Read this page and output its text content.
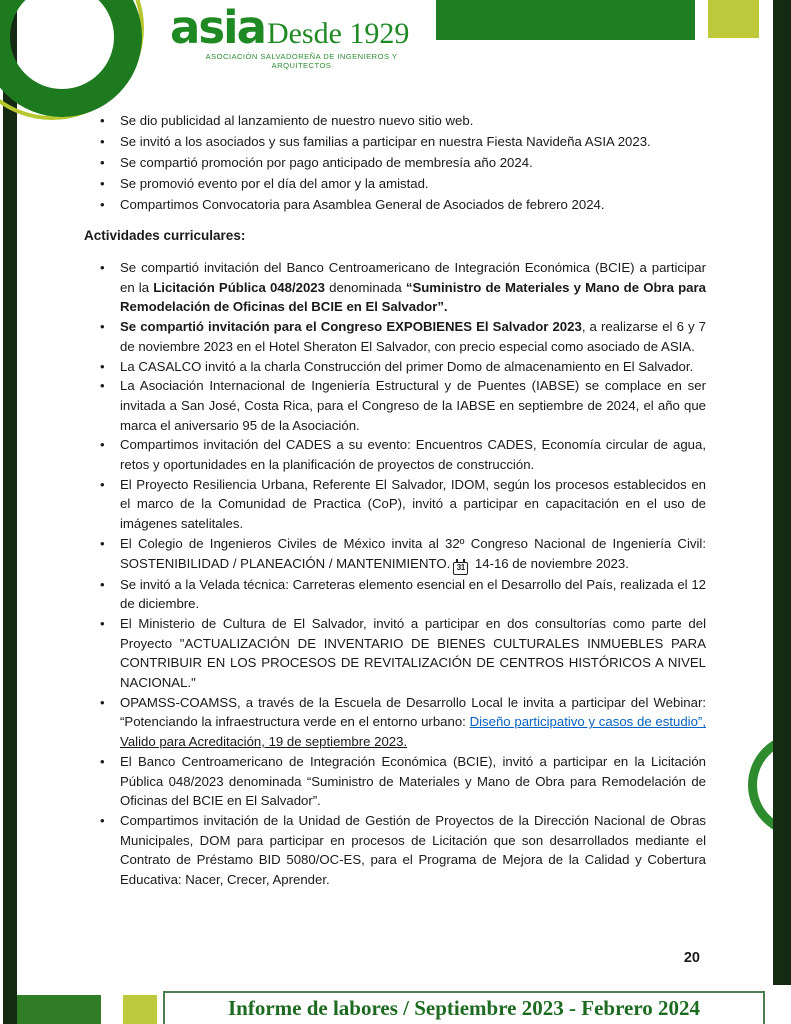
asia Desde 1929
ASOCIACIÓN SALVADOREÑA DE INGENIEROS Y ARQUITECTOS
• Se dio publicidad al lanzamiento de nuestro nuevo sitio web.
• Se invitó a los asociados y sus familias a participar en nuestra Fiesta Navideña ASIA 2023.
• Se compartió promoción por pago anticipado de membresía año 2024.
• Se promovió evento por el día del amor y la amistad.
• Compartimos Convocatoria para Asamblea General de Asociados de febrero 2024.
Actividades curriculares:
• Se compartió invitación del Banco Centroamericano de Integración Económica (BCIE) a participar en la Licitación Pública 048/2023 denominada “Suministro de Materiales y Mano de Obra para Remodelación de Oficinas del BCIE en El Salvador”.
• Se compartió invitación para el Congreso EXPOBIENES El Salvador 2023, a realizarse el 6 y 7 de noviembre 2023 en el Hotel Sheraton El Salvador, con precio especial como asociado de ASIA.
• La CASALCO invitó a la charla Construcción del primer Domo de almacenamiento en El Salvador.
• La Asociación Internacional de Ingeniería Estructural y de Puentes (IABSE) se complace en ser invitada a San José, Costa Rica, para el Congreso de la IABSE en septiembre de 2024, el año que marca el aniversario 95 de la Asociación.
• Compartimos invitación del CADES a su evento: Encuentros CADES, Economía circular de agua, retos y oportunidades en la planificación de proyectos de construcción.
• El Proyecto Resiliencia Urbana, Referente El Salvador, IDOM, según los procesos establecidos en el marco de la Comunidad de Practica (CoP), invitó a participar en capacitación en el uso de imágenes satelitales.
• El Colegio de Ingenieros Civiles de México invita al 32º Congreso Nacional de Ingeniería Civil: SOSTENIBILIDAD / PLANEACIÓN / MANTENIMIENTO. 31 14-16 de noviembre 2023.
• Se invitó a la Velada técnica: Carreteras elemento esencial en el Desarrollo del País, realizada el 12 de diciembre.
• El Ministerio de Cultura de El Salvador, invitó a participar en dos consultorías como parte del Proyecto "ACTUALIZACIÓN DE INVENTARIO DE BIENES CULTURALES INMUEBLES PARA CONTRIBUIR EN LOS PROCESOS DE REVITALIZACIÓN DE CENTROS HISTÓRICOS A NIVEL NACIONAL."
• OPAMSS-COAMSS, a través de la Escuela de Desarrollo Local le invita a participar del Webinar: “Potenciando la infraestructura verde en el entorno urbano: Diseño participativo y casos de estudio”, Valido para Acreditación, 19 de septiembre 2023.
• El Banco Centroamericano de Integración Económica (BCIE), invitó a participar en la Licitación Pública 048/2023 denominada “Suministro de Materiales y Mano de Obra para Remodelación de Oficinas del BCIE en El Salvador”.
• Compartimos invitación de la Unidad de Gestión de Proyectos de la Dirección Nacional de Obras Municipales, DOM para participar en procesos de Licitación que son desarrollados mediante el Contrato de Préstamo BID 5080/OC-ES, para el Programa de Mejora de la Calidad y Cobertura Educativa: Nacer, Crecer, Aprender.
20
Informe de labores / Septiembre 2023 - Febrero 2024
